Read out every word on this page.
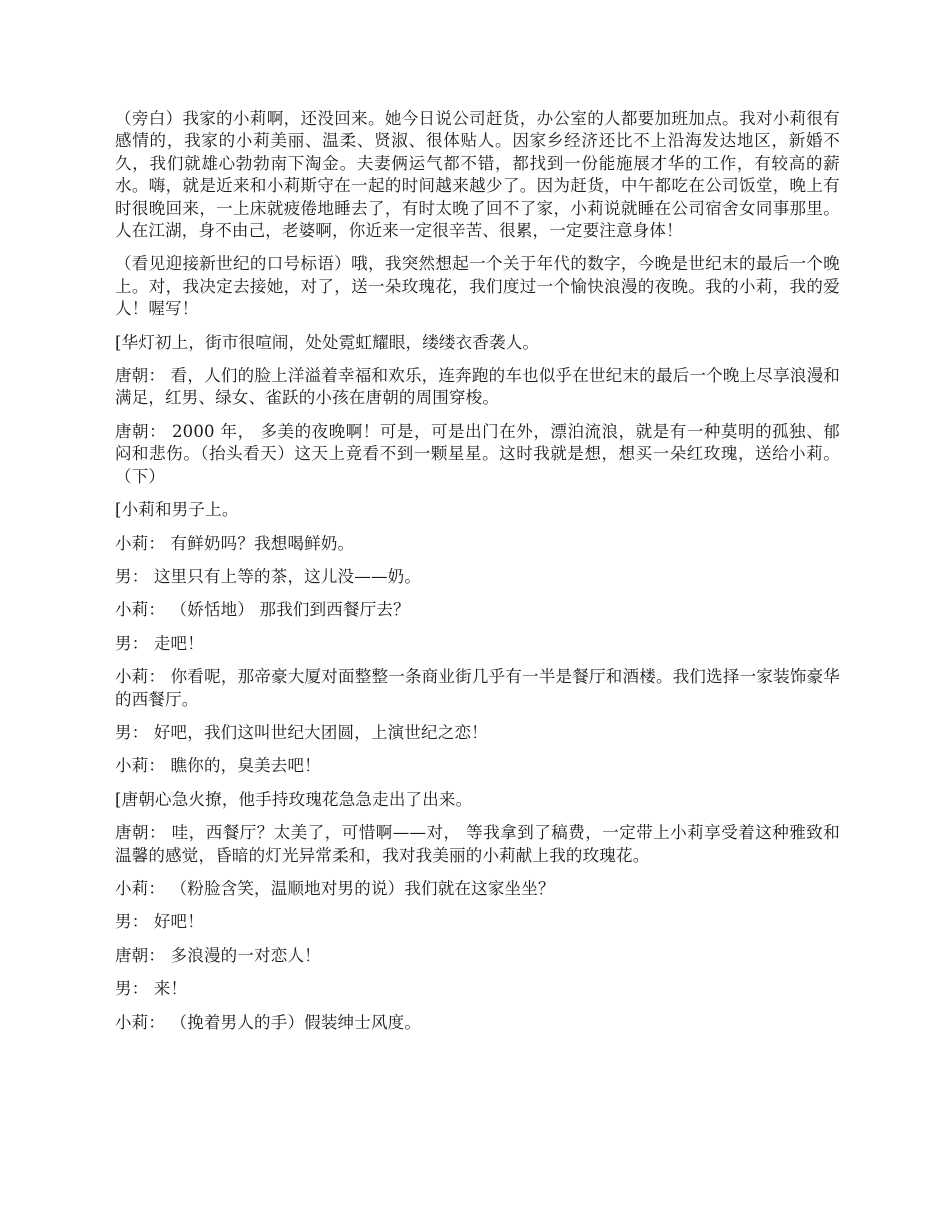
（旁白）我家的小莉啊，还没回来。她今日说公司赶货，办公室的人都要加班加点。我对小莉很有感情的，我家的小莉美丽、温柔、贤淑、很体贴人。因家乡经济还比不上沿海发达地区，新婚不久，我们就雄心勃勃南下淘金。夫妻俩运气都不错，都找到一份能施展才华的工作，有较高的薪水。嗨，就是近来和小莉斯守在一起的时间越来越少了。因为赶货，中午都吃在公司饭堂，晚上有时很晚回来，一上床就疲倦地睡去了，有时太晚了回不了家，小莉说就睡在公司宿舍女同事那里。人在江湖，身不由己，老婆啊，你近来一定很辛苦、很累，一定要注意身体！

（看见迎接新世纪的口号标语）哦，我突然想起一个关于年代的数字，今晚是世纪末的最后一个晚上。对，我决定去接她，对了，送一朵玫瑰花，我们度过一个愉快浪漫的夜晚。我的小莉，我的爱人！喔写！

[华灯初上，街市很喧闹，处处霓虹耀眼，缕缕衣香袭人。

唐朝： 看，人们的脸上洋溢着幸福和欢乐，连奔跑的车也似乎在世纪末的最后一个晚上尽享浪漫和满足，红男、绿女、雀跃的小孩在唐朝的周围穿梭。

唐朝： 2000 年， 多美的夜晚啊！可是，可是出门在外，漂泊流浪，就是有一种莫明的孤独、郁闷和悲伤。（抬头看天）这天上竟看不到一颗星星。这时我就是想，想买一朵红玫瑰，送给小莉。（下）

[小莉和男子上。

小莉： 有鲜奶吗？我想喝鲜奶。

男： 这里只有上等的茶，这儿没——奶。

小莉： （娇恬地） 那我们到西餐厅去？

男： 走吧！

小莉： 你看呢，那帝豪大厦对面整整一条商业街几乎有一半是餐厅和酒楼。我们选择一家装饰豪华的西餐厅。

男： 好吧，我们这叫世纪大团圆，上演世纪之恋！

小莉： 瞧你的，臭美去吧！

[唐朝心急火撩，他手持玫瑰花急急走出了出来。

唐朝： 哇，西餐厅？太美了，可惜啊——对， 等我拿到了稿费，一定带上小莉享受着这种雅致和温馨的感觉，昏暗的灯光异常柔和，我对我美丽的小莉献上我的玫瑰花。

小莉： （粉脸含笑，温顺地对男的说）我们就在这家坐坐？

男： 好吧！

唐朝： 多浪漫的一对恋人！

男： 来！

小莉： （挽着男人的手）假装绅士风度。
